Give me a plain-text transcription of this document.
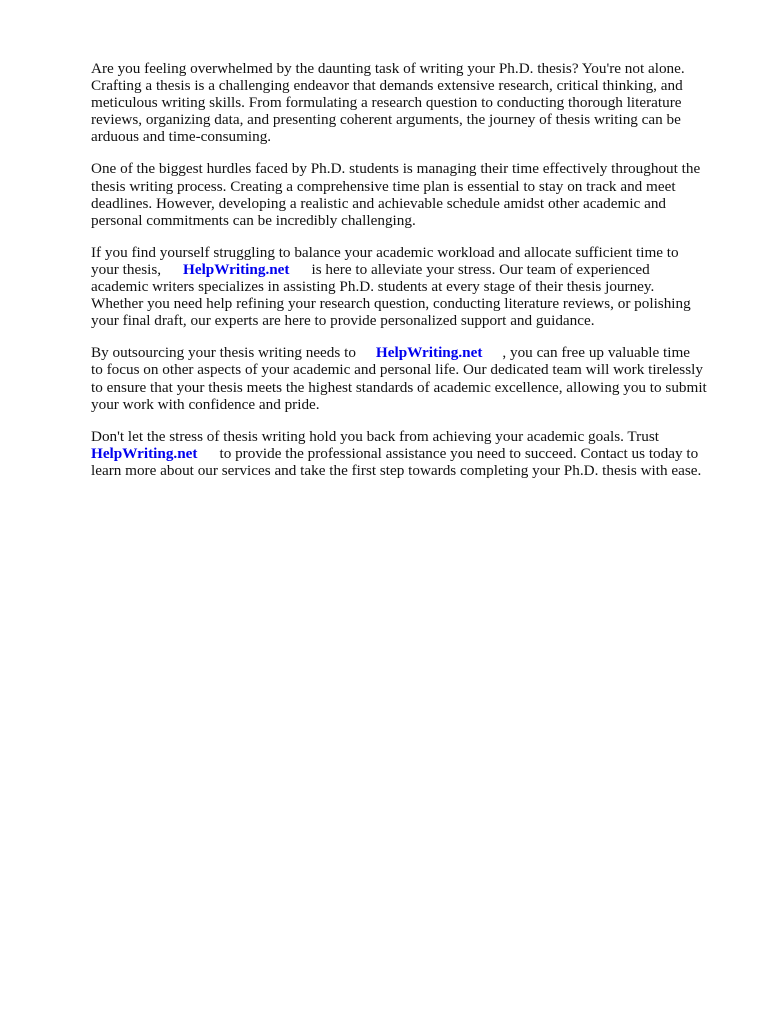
Are you feeling overwhelmed by the daunting task of writing your Ph.D. thesis? You're not alone.
Crafting a thesis is a challenging endeavor that demands extensive research, critical thinking, and
meticulous writing skills. From formulating a research question to conducting thorough literature
reviews, organizing data, and presenting coherent arguments, the journey of thesis writing can be
arduous and time-consuming.

One of the biggest hurdles faced by Ph.D. students is managing their time effectively throughout the
thesis writing process. Creating a comprehensive time plan is essential to stay on track and meet
deadlines. However, developing a realistic and achievable schedule amidst other academic and
personal commitments can be incredibly challenging.

If you find yourself struggling to balance your academic workload and allocate sufficient time to
your thesis, HelpWriting.net is here to alleviate your stress. Our team of experienced
academic writers specializes in assisting Ph.D. students at every stage of their thesis journey.
Whether you need help refining your research question, conducting literature reviews, or polishing
your final draft, our experts are here to provide personalized support and guidance.

By outsourcing your thesis writing needs to HelpWriting.net , you can free up valuable time
to focus on other aspects of your academic and personal life. Our dedicated team will work tirelessly
to ensure that your thesis meets the highest standards of academic excellence, allowing you to submit
your work with confidence and pride.

Don't let the stress of thesis writing hold you back from achieving your academic goals. Trust
HelpWriting.net to provide the professional assistance you need to succeed. Contact us today to
learn more about our services and take the first step towards completing your Ph.D. thesis with ease.
